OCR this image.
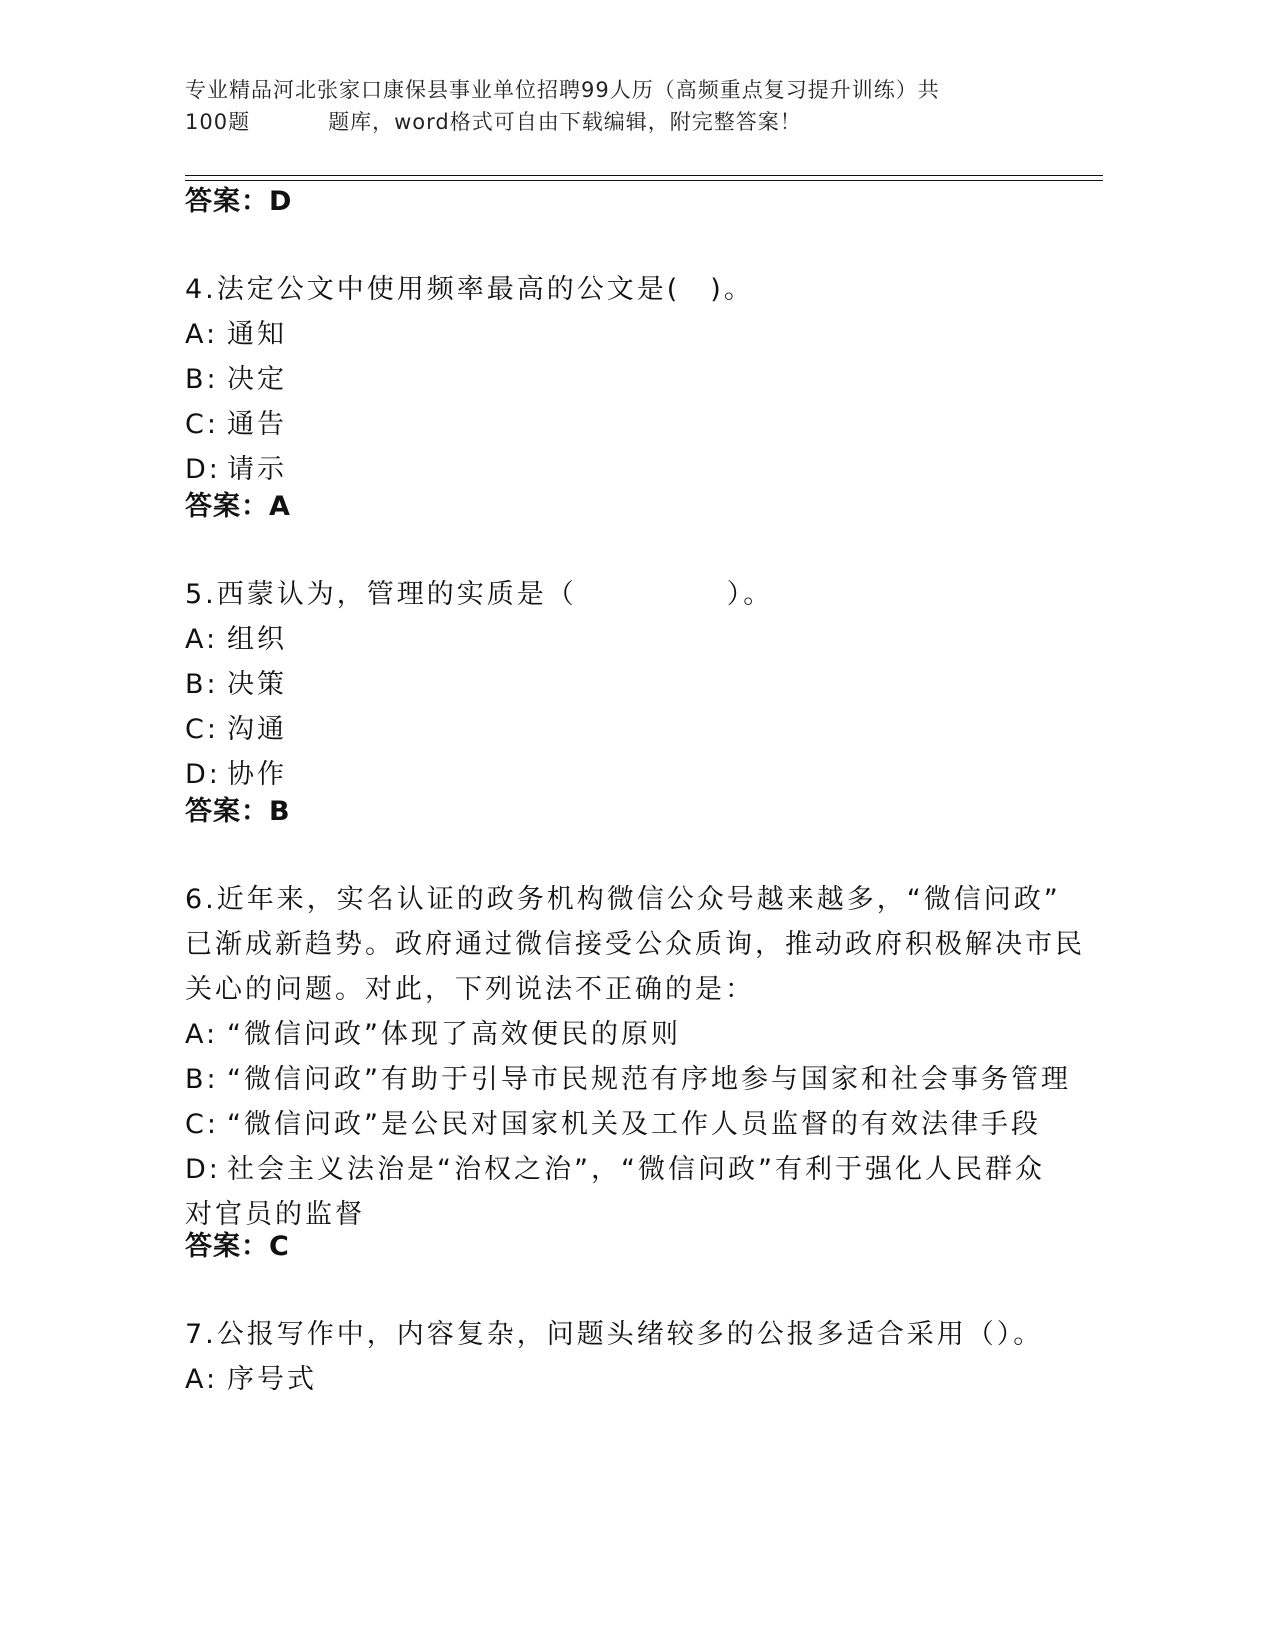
专业精品河北张家口康保县事业单位招聘99人历（高频重点复习提升训练）共
100题	题库，word格式可自由下载编辑，附完整答案！
答案：D
4.法定公文中使用频率最高的公文是(　)。
A: 通知
B: 决定
C: 通告
D: 请示
答案：A
5.西蒙认为，管理的实质是（　　　　　）。
A: 组织
B: 决策
C: 沟通
D: 协作
答案：B
6.近年来，实名认证的政务机构微信公众号越来越多，“微信问政”
已渐成新趋势。政府通过微信接受公众质询，推动政府积极解决市民
关心的问题。对此，下列说法不正确的是：
A: “微信问政”体现了高效便民的原则
B: “微信问政”有助于引导市民规范有序地参与国家和社会事务管理
C: “微信问政”是公民对国家机关及工作人员监督的有效法律手段
D: 社会主义法治是“治权之治”，“微信问政”有利于强化人民群众
对官员的监督
答案：C
7.公报写作中，内容复杂，问题头绪较多的公报多适合采用（）。
A: 序号式
